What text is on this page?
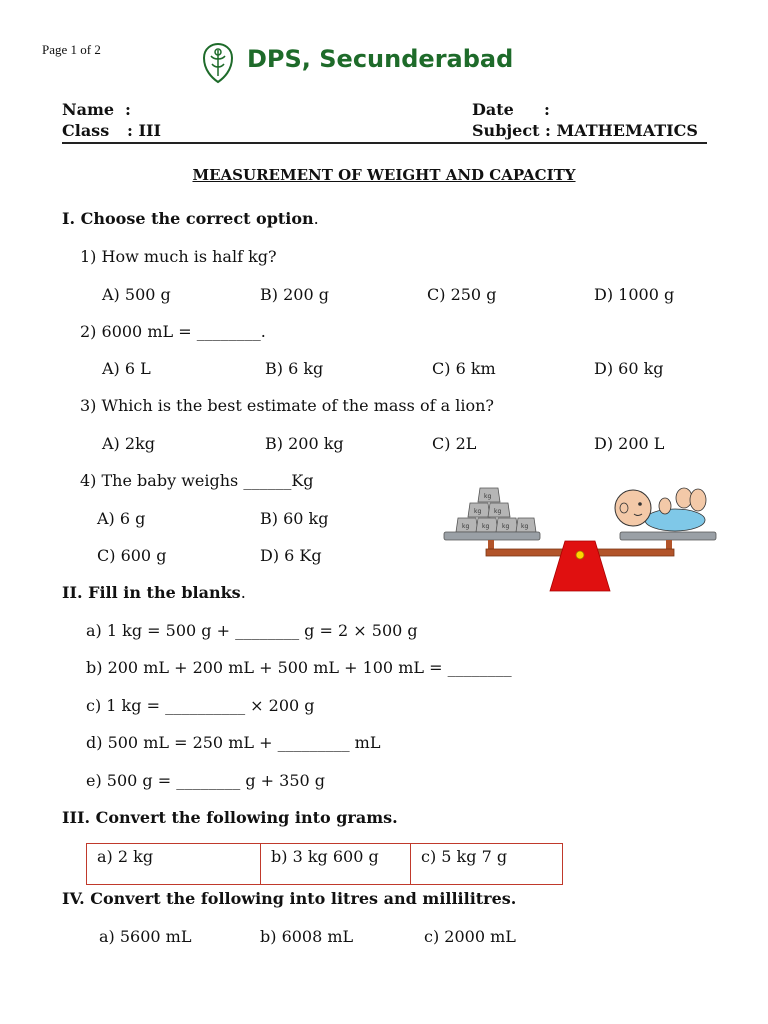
Page 1 of 2	DPS, Secunderabad
Name :
Class : III
Date :
Subject : MATHEMATICS
MEASUREMENT OF WEIGHT AND CAPACITY
I. Choose the correct option.
1) How much is half kg?
A) 500 g	B) 200 g	C) 250 g	D) 1000 g
2) 6000 mL = ________.
A) 6 L	B) 6 kg	C) 6 km	D) 60 kg
3) Which is the best estimate of the mass of a lion?
A) 2kg	B) 200 kg	C) 2L	D) 200 L
4) The baby weighs ______Kg
A) 6 g	B) 60 kg
C) 600 g	D) 6 Kg
kg
kg kg
kg kg kg kg
II. Fill in the blanks.
a) 1 kg = 500 g + ________ g = 2 × 500 g
b) 200 mL + 200 mL + 500 mL + 100 mL = ________
c) 1 kg = __________ × 200 g
d) 500 mL = 250 mL + _________ mL
e) 500 g = ________ g + 350 g
III. Convert the following into grams.
a) 2 kg	b) 3 kg 600 g	c) 5 kg 7 g
IV. Convert the following into litres and millilitres.
a) 5600 mL	b) 6008 mL	c) 2000 mL
